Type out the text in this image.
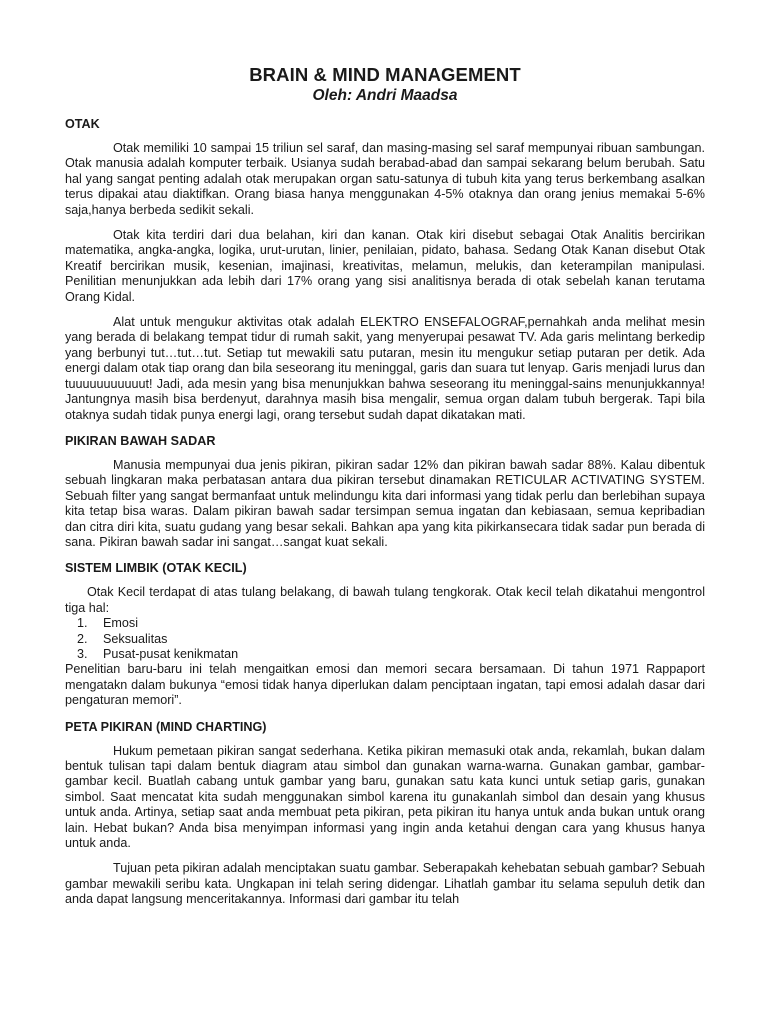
BRAIN & MIND MANAGEMENT
Oleh: Andri Maadsa
OTAK

Otak memiliki 10 sampai 15 triliun sel saraf, dan masing-masing sel saraf mempunyai ribuan sambungan. Otak manusia adalah komputer terbaik. Usianya sudah berabad-abad dan sampai sekarang belum berubah. Satu hal yang sangat penting adalah otak merupakan organ satu-satunya di tubuh kita yang terus berkembang asalkan terus dipakai atau diaktifkan. Orang biasa hanya menggunakan 4-5% otaknya dan orang jenius memakai 5-6% saja,hanya berbeda sedikit sekali.

Otak kita terdiri dari dua belahan, kiri dan kanan. Otak kiri disebut sebagai Otak Analitis bercirikan matematika, angka-angka, logika, urut-urutan, linier, penilaian, pidato, bahasa. Sedang Otak Kanan disebut Otak Kreatif bercirikan musik, kesenian, imajinasi, kreativitas, melamun, melukis, dan keterampilan manipulasi. Penilitian menunjukkan ada lebih dari 17% orang yang sisi analitisnya berada di otak sebelah kanan terutama Orang Kidal.

Alat untuk mengukur aktivitas otak adalah ELEKTRO ENSEFALOGRAF,pernahkah anda melihat mesin yang berada di belakang tempat tidur di rumah sakit, yang menyerupai pesawat TV. Ada garis melintang berkedip yang berbunyi tut…tut…tut. Setiap tut mewakili satu putaran, mesin itu mengukur setiap putaran per detik. Ada energi dalam otak tiap orang dan bila seseorang itu meninggal, garis dan suara tut lenyap. Garis menjadi lurus dan tuuuuuuuuuuut! Jadi, ada mesin yang bisa menunjukkan bahwa seseorang itu meninggal-sains menunjukkannya! Jantungnya masih bisa berdenyut, darahnya masih bisa mengalir, semua organ dalam tubuh bergerak. Tapi bila otaknya sudah tidak punya energi lagi, orang tersebut sudah dapat dikatakan mati.

PIKIRAN BAWAH SADAR

Manusia mempunyai dua jenis pikiran, pikiran sadar 12% dan pikiran bawah sadar 88%. Kalau dibentuk sebuah lingkaran maka perbatasan antara dua pikiran tersebut dinamakan RETICULAR ACTIVATING SYSTEM. Sebuah filter yang sangat bermanfaat untuk melindungu kita dari informasi yang tidak perlu dan berlebihan supaya kita tetap bisa waras. Dalam pikiran bawah sadar tersimpan semua ingatan dan kebiasaan, semua kepribadian dan citra diri kita, suatu gudang yang besar sekali. Bahkan apa yang kita pikirkansecara tidak sadar pun berada di sana. Pikiran bawah sadar ini sangat…sangat kuat sekali.

SISTEM LIMBIK (OTAK KECIL)

Otak Kecil terdapat di atas tulang belakang, di bawah tulang tengkorak. Otak kecil telah dikatahui mengontrol tiga hal:

1. Emosi
2. Seksualitas
3. Pusat-pusat kenikmatan

Penelitian baru-baru ini telah mengaitkan emosi dan memori secara bersamaan. Di tahun 1971 Rappaport mengatakn dalam bukunya “emosi tidak hanya diperlukan dalam penciptaan ingatan, tapi emosi adalah dasar dari pengaturan memori”.

PETA PIKIRAN (MIND CHARTING)

Hukum pemetaan pikiran sangat sederhana. Ketika pikiran memasuki otak anda, rekamlah, bukan dalam bentuk tulisan tapi dalam bentuk diagram atau simbol dan gunakan warna-warna. Gunakan gambar, gambar-gambar kecil. Buatlah cabang untuk gambar yang baru, gunakan satu kata kunci untuk setiap garis, gunakan simbol. Saat mencatat kita sudah menggunakan simbol karena itu gunakanlah simbol dan desain yang khusus untuk anda. Artinya, setiap saat anda membuat peta pikiran, peta pikiran itu hanya untuk anda bukan untuk orang lain. Hebat bukan? Anda bisa menyimpan informasi yang ingin anda ketahui dengan cara yang khusus hanya untuk anda.

Tujuan peta pikiran adalah menciptakan suatu gambar. Seberapakah kehebatan sebuah gambar? Sebuah gambar mewakili seribu kata. Ungkapan ini telah sering didengar. Lihatlah gambar itu selama sepuluh detik dan anda dapat langsung menceritakannya. Informasi dari gambar itu telah
